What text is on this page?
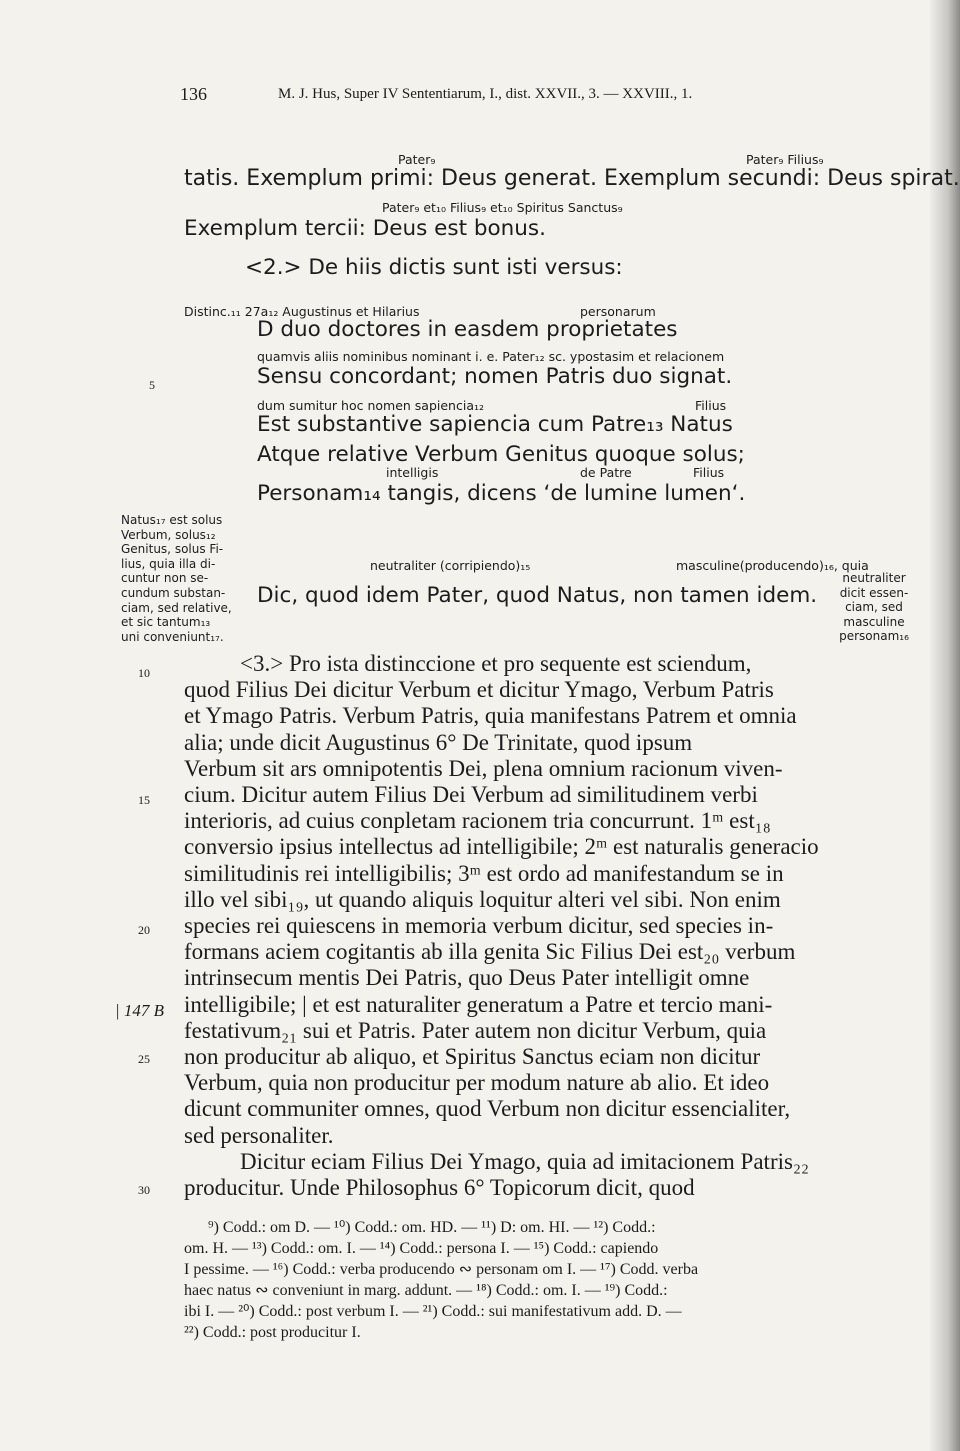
136	M. J. Hus, Super IV Sententiarum, I., dist. XXVII., 3. — XXVIII., 1.
Pater₉	Pater₉ Filius₉
tatis. Exemplum primi: Deus generat. Exemplum secundi: Deus spirat.
Pater₉ et₁₀ Filius₉ et₁₀ Spiritus Sanctus₉
Exemplum tercii: Deus est bonus.
<2.> De hiis dictis sunt isti versus:
Distinc.₁₁ 27a₁₂ Augustinus et Hilarius	personarum
D duo doctores in easdem proprietates
quamvis aliis nominibus nominant i. e. Pater₁₂ sc. ypostasim et relacionem
Sensu concordant; nomen Patris duo signat.
dum sumitur hoc nomen sapiencia₁₂	Filius
Est substantive sapiencia cum Patre₁₃ Natus
Atque relative Verbum Genitus quoque solus;
intelligis	de Patre	Filius
Personam₁₄ tangis, dicens ‘de lumine lumen‘.
neutraliter (corripiendo)₁₅	masculine(producendo)₁₆, quia
Dic, quod idem Pater, quod Natus, non tamen idem.
Natus₁₇ est solus
Verbum, solus₁₂
Genitus, solus Fi-
lius, quia illa di-
cuntur non se-
cundum substan-
ciam, sed relative,
et sic tantum₁₃
uni conveniunt₁₇.
neutraliter
dicit essen-
ciam, sed
masculine
personam₁₆
5
10
15
20
25
30
| 147 B
<3.> Pro ista distinccione et pro sequente est sciendum,
quod Filius Dei dicitur Verbum et dicitur Ymago, Verbum Patris
et Ymago Patris. Verbum Patris, quia manifestans Patrem et omnia
alia; unde dicit Augustinus 6° De Trinitate, quod ipsum
Verbum sit ars omnipotentis Dei, plena omnium racionum viven-
cium. Dicitur autem Filius Dei Verbum ad similitudinem verbi
interioris, ad cuius conpletam racionem tria concurrunt. 1ᵐ est₁₈
conversio ipsius intellectus ad intelligibile; 2ᵐ est naturalis generacio
similitudinis rei intelligibilis; 3ᵐ est ordo ad manifestandum se in
illo vel sibi₁₉, ut quando aliquis loquitur alteri vel sibi. Non enim
species rei quiescens in memoria verbum dicitur, sed species in-
formans aciem cogitantis ab illa genita Sic Filius Dei est₂₀ verbum
intrinsecum mentis Dei Patris, quo Deus Pater intelligit omne
intelligibile; | et est naturaliter generatum a Patre et tercio mani-
festativum₂₁ sui et Patris. Pater autem non dicitur Verbum, quia
non producitur ab aliquo, et Spiritus Sanctus eciam non dicitur
Verbum, quia non producitur per modum nature ab alio. Et ideo
dicunt communiter omnes, quod Verbum non dicitur essencialiter,
sed personaliter.
Dicitur eciam Filius Dei Ymago, quia ad imitacionem Patris₂₂
producitur. Unde Philosophus 6° Topicorum dicit, quod
⁹) Codd.: om D. — ¹⁰) Codd.: om. HD. — ¹¹) D: om. HI. — ¹²) Codd.:
om. H. — ¹³) Codd.: om. I. — ¹⁴) Codd.: persona I. — ¹⁵) Codd.: capiendo
I pessime. — ¹⁶) Codd.: verba producendo ∾ personam om I. — ¹⁷) Codd. verba
haec natus ∾ conveniunt in marg. addunt. — ¹⁸) Codd.: om. I. — ¹⁹) Codd.:
ibi I. — ²⁰) Codd.: post verbum I. — ²¹) Codd.: sui manifestativum add. D. —
²²) Codd.: post producitur I.
